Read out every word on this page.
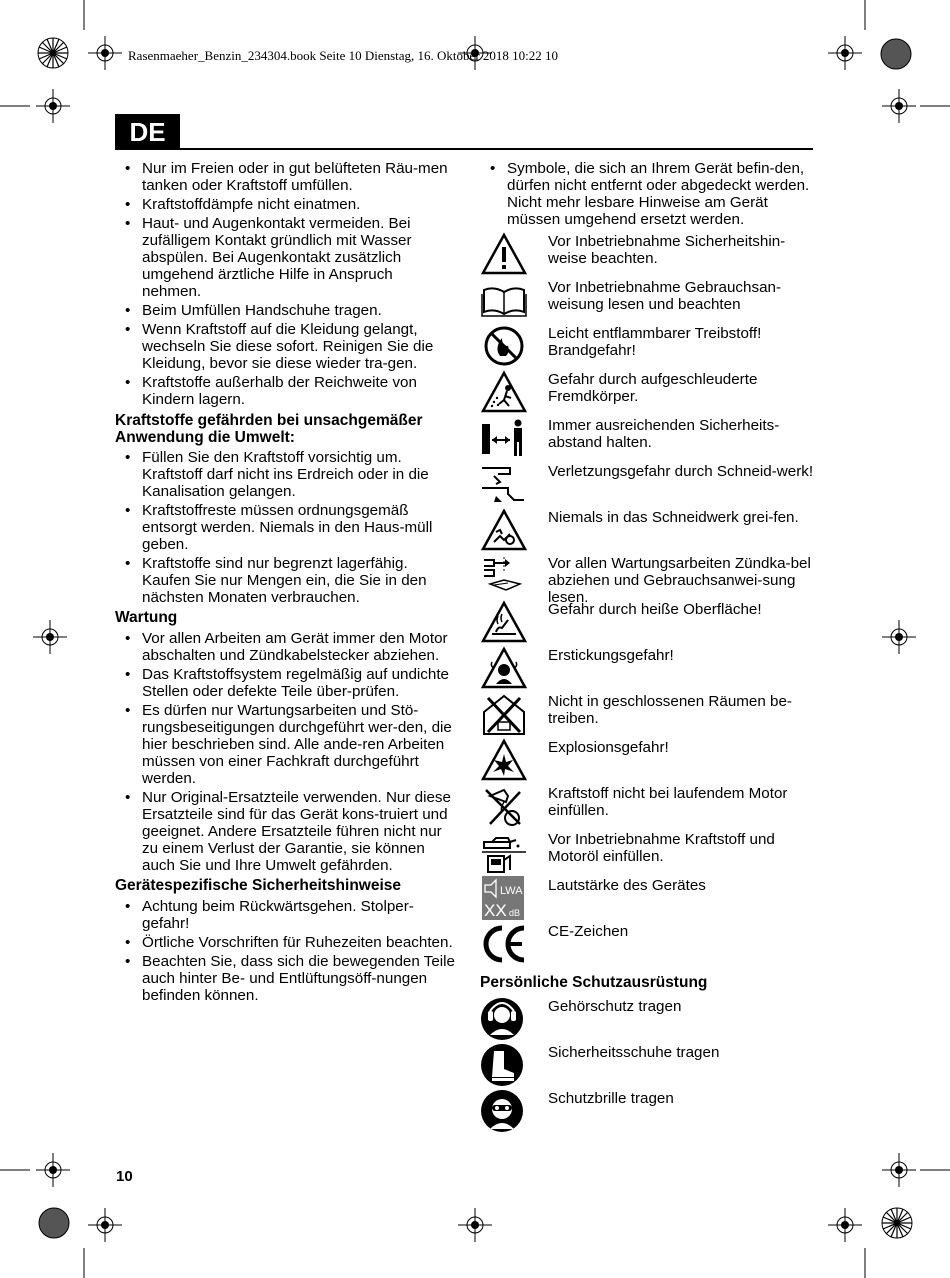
Rasenmaeher_Benzin_234304.book Seite 10 Dienstag, 16. Oktober 2018 10:22 10
DE
• Nur im Freien oder in gut belüfteten Räu-men tanken oder Kraftstoff umfüllen.
• Kraftstoffdämpfe nicht einatmen.
• Haut- und Augenkontakt vermeiden. Bei zufälligem Kontakt gründlich mit Wasser abspülen. Bei Augenkontakt zusätzlich umgehend ärztliche Hilfe in Anspruch nehmen.
• Beim Umfüllen Handschuhe tragen.
• Wenn Kraftstoff auf die Kleidung gelangt, wechseln Sie diese sofort. Reinigen Sie die Kleidung, bevor sie diese wieder tra-gen.
• Kraftstoffe außerhalb der Reichweite von Kindern lagern.
Kraftstoffe gefährden bei unsachgemäßer Anwendung die Umwelt:
• Füllen Sie den Kraftstoff vorsichtig um. Kraftstoff darf nicht ins Erdreich oder in die Kanalisation gelangen.
• Kraftstoffreste müssen ordnungsgemäß entsorgt werden. Niemals in den Haus-müll geben.
• Kraftstoffe sind nur begrenzt lagerfähig. Kaufen Sie nur Mengen ein, die Sie in den nächsten Monaten verbrauchen.
Wartung
• Vor allen Arbeiten am Gerät immer den Motor abschalten und Zündkabelstecker abziehen.
• Das Kraftstoffsystem regelmäßig auf undichte Stellen oder defekte Teile über-prüfen.
• Es dürfen nur Wartungsarbeiten und Stö-rungsbeseitigungen durchgeführt wer-den, die hier beschrieben sind. Alle ande-ren Arbeiten müssen von einer Fachkraft durchgeführt werden.
• Nur Original-Ersatzteile verwenden. Nur diese Ersatzteile sind für das Gerät kons-truiert und geeignet. Andere Ersatzteile führen nicht nur zu einem Verlust der Garantie, sie können auch Sie und Ihre Umwelt gefährden.
Gerätespezifische Sicherheitshinweise
• Achtung beim Rückwärtsgehen. Stolper-gefahr!
• Örtliche Vorschriften für Ruhezeiten beachten.
• Beachten Sie, dass sich die bewegenden Teile auch hinter Be- und Entlüftungsöff-nungen befinden können.
• Symbole, die sich an Ihrem Gerät befin-den, dürfen nicht entfernt oder abgedeckt werden. Nicht mehr lesbare Hinweise am Gerät müssen umgehend ersetzt werden.
Vor Inbetriebnahme Sicherheitshin-weise beachten.
Vor Inbetriebnahme Gebrauchsan-weisung lesen und beachten
Leicht entflammbarer Treibstoff! Brandgefahr!
Gefahr durch aufgeschleuderte Fremdkörper.
Immer ausreichenden Sicherheits-abstand halten.
Verletzungsgefahr durch Schneid-werk!
Niemals in das Schneidwerk grei-fen.
Vor allen Wartungsarbeiten Zündka-bel abziehen und Gebrauchsanwei-sung lesen.
Gefahr durch heiße Oberfläche!
Erstickungsgefahr!
Nicht in geschlossenen Räumen be-treiben.
Explosionsgefahr!
Kraftstoff nicht bei laufendem Motor einfüllen.
Vor Inbetriebnahme Kraftstoff und Motoröl einfüllen.
LWA
XX dB
Lautstärke des Gerätes
CE-Zeichen
Persönliche Schutzausrüstung
Gehörschutz tragen
Sicherheitsschuhe tragen
Schutzbrille tragen
10
